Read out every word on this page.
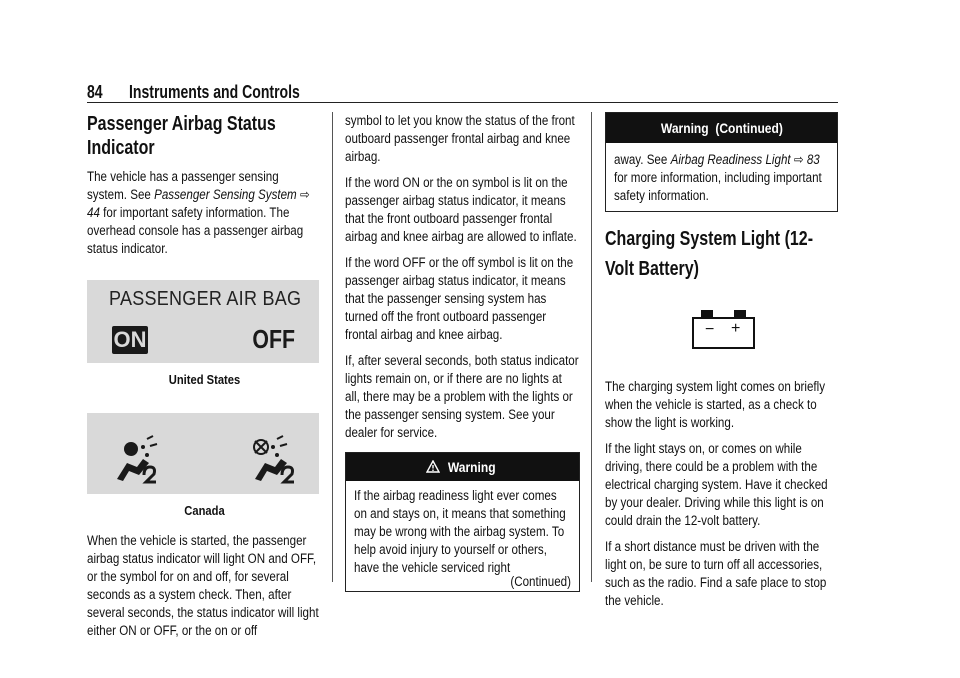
84 Instruments and Controls
Passenger Airbag Status Indicator

The vehicle has a passenger sensing system. See Passenger Sensing System ⇨ 44 for important safety information. The overhead console has a passenger airbag status indicator.

PASSENGER AIR BAG
ON	OFF
United States
Canada

When the vehicle is started, the passenger airbag status indicator will light ON and OFF, or the symbol for on and off, for several seconds as a system check. Then, after several seconds, the status indicator will light either ON or OFF, or the on or off

symbol to let you know the status of the front outboard passenger frontal airbag and knee airbag.

If the word ON or the on symbol is lit on the passenger airbag status indicator, it means that the front outboard passenger frontal airbag and knee airbag are allowed to inflate.

If the word OFF or the off symbol is lit on the passenger airbag status indicator, it means that the passenger sensing system has turned off the front outboard passenger frontal airbag and knee airbag.

If, after several seconds, both status indicator lights remain on, or if there are no lights at all, there may be a problem with the lights or the passenger sensing system. See your dealer for service.

Warning

If the airbag readiness light ever comes on and stays on, it means that something may be wrong with the airbag system. To help avoid injury to yourself or others, have the vehicle serviced right

(Continued)
Warning  (Continued)

away. See Airbag Readiness Light ⇨ 83 for more information, including important safety information.

Charging System Light (12-Volt Battery)
− +

The charging system light comes on briefly when the vehicle is started, as a check to show the light is working.

If the light stays on, or comes on while driving, there could be a problem with the electrical charging system. Have it checked by your dealer. Driving while this light is on could drain the 12-volt battery.

If a short distance must be driven with the light on, be sure to turn off all accessories, such as the radio. Find a safe place to stop the vehicle.
